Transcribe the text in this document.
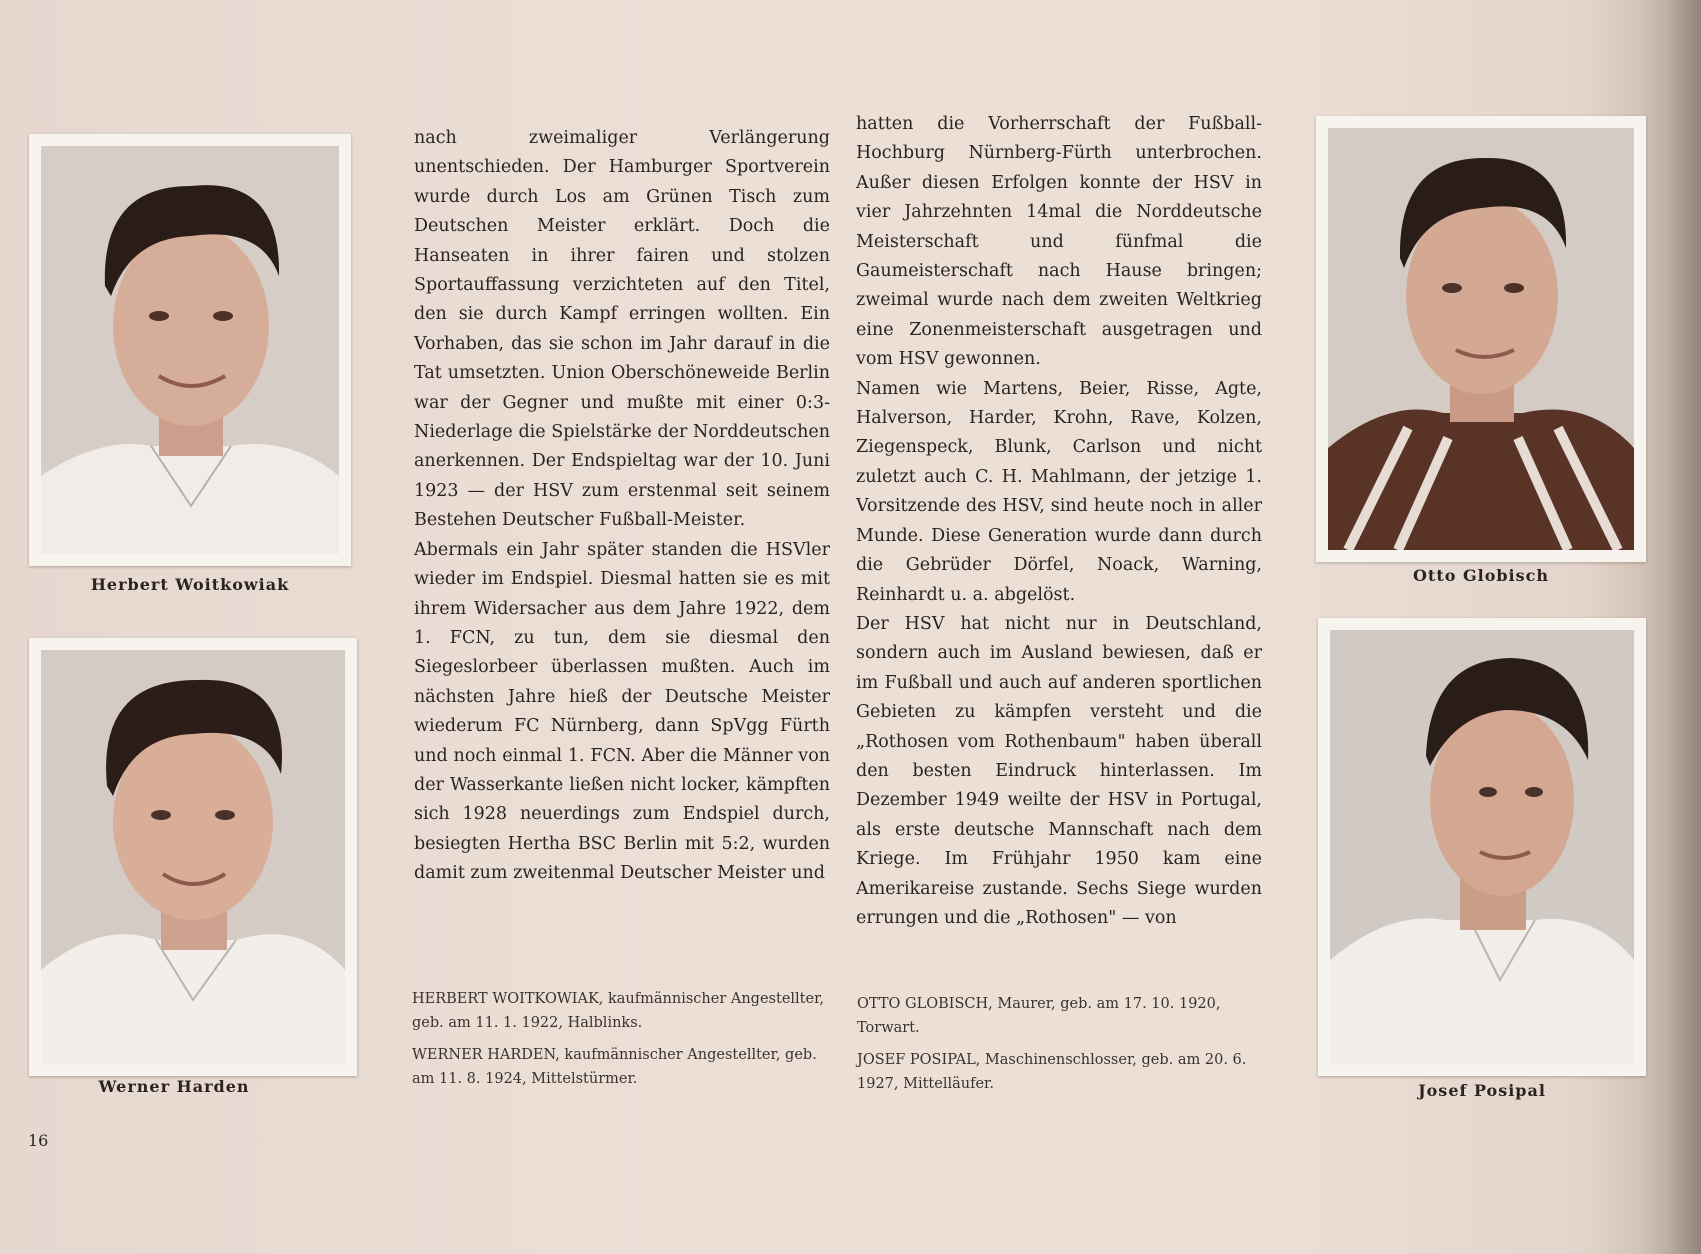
Herbert Woitkowiak
Werner Harden
Otto Globisch
Josef Posipal

nach zweimaliger Verlängerung unentschieden. Der Hamburger Sportverein wurde durch Los am Grünen Tisch zum Deutschen Meister erklärt. Doch die Hanseaten in ihrer fairen und stolzen Sportauffassung verzichteten auf den Titel, den sie durch Kampf erringen wollten. Ein Vorhaben, das sie schon im Jahr darauf in die Tat umsetzten. Union Oberschöneweide Berlin war der Gegner und mußte mit einer 0:3-Niederlage die Spielstärke der Norddeutschen anerkennen. Der Endspieltag war der 10. Juni 1923 — der HSV zum erstenmal seit seinem Bestehen Deutscher Fußball-Meister.

Abermals ein Jahr später standen die HSVler wieder im Endspiel. Diesmal hatten sie es mit ihrem Widersacher aus dem Jahre 1922, dem 1. FCN, zu tun, dem sie diesmal den Siegeslorbeer überlassen mußten. Auch im nächsten Jahre hieß der Deutsche Meister wiederum FC Nürnberg, dann SpVgg Fürth und noch einmal 1. FCN. Aber die Männer von der Wasserkante ließen nicht locker, kämpften sich 1928 neuerdings zum Endspiel durch, besiegten Hertha BSC Berlin mit 5:2, wurden damit zum zweitenmal Deutscher Meister und

hatten die Vorherrschaft der Fußball-Hochburg Nürnberg-Fürth unterbrochen. Außer diesen Erfolgen konnte der HSV in vier Jahrzehnten 14mal die Norddeutsche Meisterschaft und fünfmal die Gaumeisterschaft nach Hause bringen; zweimal wurde nach dem zweiten Weltkrieg eine Zonenmeisterschaft ausgetragen und vom HSV gewonnen.

Namen wie Martens, Beier, Risse, Agte, Halverson, Harder, Krohn, Rave, Kolzen, Ziegenspeck, Blunk, Carlson und nicht zuletzt auch C. H. Mahlmann, der jetzige 1. Vorsitzende des HSV, sind heute noch in aller Munde. Diese Generation wurde dann durch die Gebrüder Dörfel, Noack, Warning, Reinhardt u. a. abgelöst.

Der HSV hat nicht nur in Deutschland, sondern auch im Ausland bewiesen, daß er im Fußball und auch auf anderen sportlichen Gebieten zu kämpfen versteht und die „Rothosen vom Rothenbaum" haben überall den besten Eindruck hinterlassen. Im Dezember 1949 weilte der HSV in Portugal, als erste deutsche Mannschaft nach dem Kriege. Im Frühjahr 1950 kam eine Amerikareise zustande. Sechs Siege wurden errungen und die „Rothosen" — von

HERBERT WOITKOWIAK, kaufmännischer Angestellter, geb. am 11. 1. 1922, Halblinks.

WERNER HARDEN, kaufmännischer Angestellter, geb. am 11. 8. 1924, Mittelstürmer.

OTTO GLOBISCH, Maurer, geb. am 17. 10. 1920, Torwart.

JOSEF POSIPAL, Maschinenschlosser, geb. am 20. 6. 1927, Mittelläufer.

16
